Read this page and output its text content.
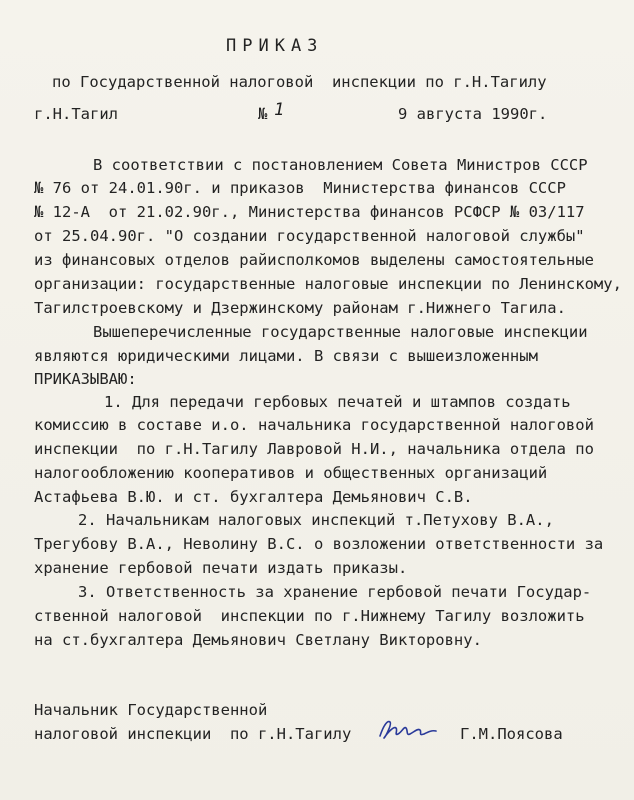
ПРИКАЗ
по Государственной налоговой  инспекции по г.Н.Тагилу
г.Н.Тагил	№ 1	9 августа 1990г.
В соответствии с постановлением Совета Министров СССР
№ 76 от 24.01.90г. и приказов  Министерства финансов СССР
№ 12-А  от 21.02.90г., Министерства финансов РСФСР № 03/117
от 25.04.90г. "О создании государственной налоговой службы"
из финансовых отделов райисполкомов выделены самостоятельные
организации: государственные налоговые инспекции по Ленинскому,
Тагилстроевскому и Дзержинскому районам г.Нижнего Тагила.
Вышеперечисленные государственные налоговые инспекции
являются юридическими лицами. В связи с вышеизложенным
ПРИКАЗЫВАЮ:
1. Для передачи гербовых печатей и штампов создать
комиссию в составе и.о. начальника государственной налоговой
инспекции  по г.Н.Тагилу Лавровой Н.И., начальника отдела по
налогообложению кооперативов и общественных организаций
Астафьева В.Ю. и ст. бухгалтера Демьянович С.В.
2. Начальникам налоговых инспекций т.Петухову В.А.,
Трегубову В.А., Неволину В.С. о возложении ответственности за
хранение гербовой печати издать приказы.
3. Ответственность за хранение гербовой печати Государ-
ственной налоговой  инспекции по г.Нижнему Тагилу возложить
на ст.бухгалтера Демьянович Светлану Викторовну.
Начальник Государственной
налоговой инспекции  по г.Н.Тагилу	Г.М.Поясова
